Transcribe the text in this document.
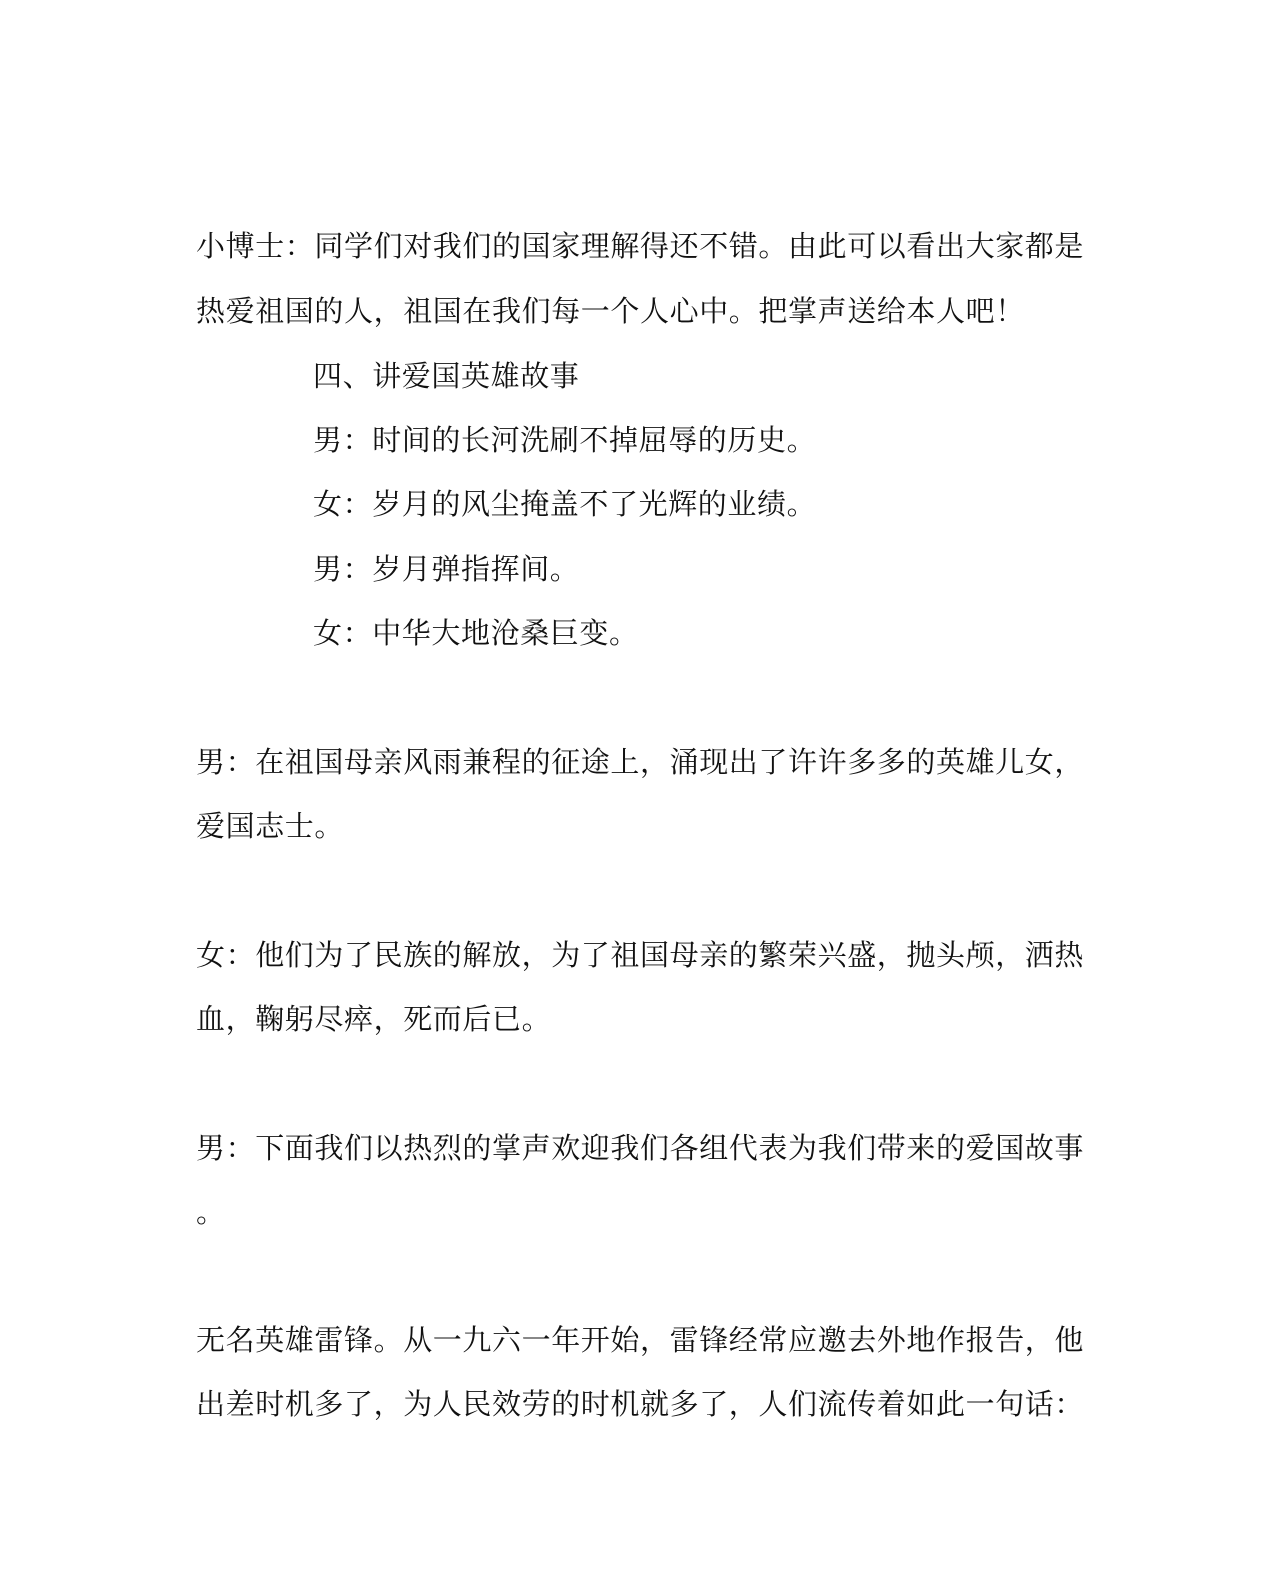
小博士：同学们对我们的国家理解得还不错。由此可以看出大家都是

热爱祖国的人，祖国在我们每一个人心中。把掌声送给本人吧！

四、讲爱国英雄故事

男：时间的长河洗刷不掉屈辱的历史。

女：岁月的风尘掩盖不了光辉的业绩。

男：岁月弹指挥间。

女：中华大地沧桑巨变。

男：在祖国母亲风雨兼程的征途上，涌现出了许许多多的英雄儿女，

爱国志士。

女：他们为了民族的解放，为了祖国母亲的繁荣兴盛，抛头颅，洒热

血，鞠躬尽瘁，死而后已。

男：下面我们以热烈的掌声欢迎我们各组代表为我们带来的爱国故事

。

无名英雄雷锋。从一九六一年开始，雷锋经常应邀去外地作报告，他

出差时机多了，为人民效劳的时机就多了，人们流传着如此一句话：
